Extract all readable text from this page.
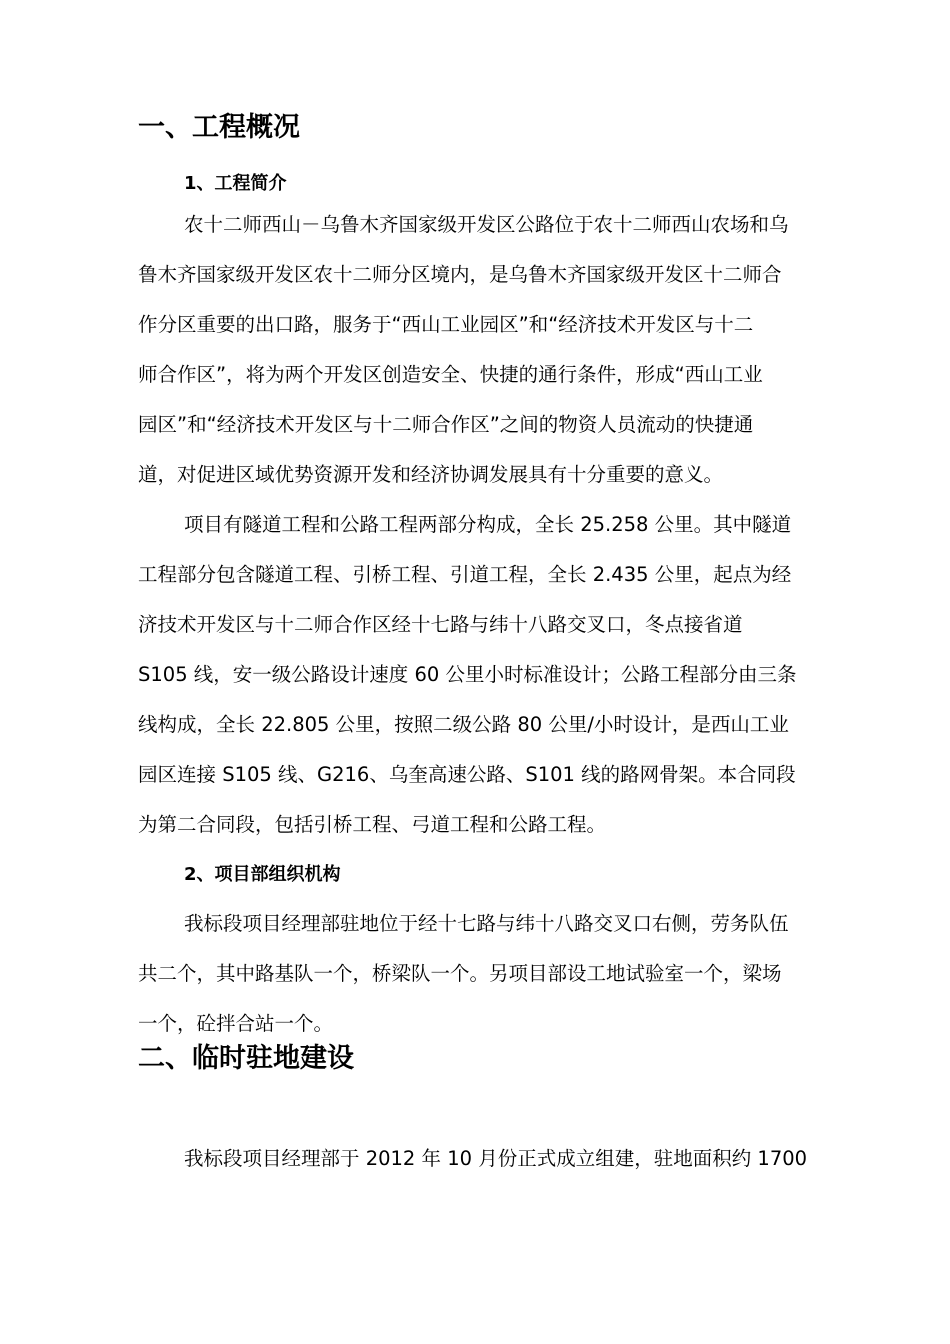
一、工程概况
1、工程简介

农十二师西山－乌鲁木齐国家级开发区公路位于农十二师西山农场和乌

鲁木齐国家级开发区农十二师分区境内，是乌鲁木齐国家级开发区十二师合

作分区重要的出口路，服务于“西山工业园区”和“经济技术开发区与十二

师合作区”，将为两个开发区创造安全、快捷的通行条件，形成“西山工业

园区”和“经济技术开发区与十二师合作区”之间的物资人员流动的快捷通

道，对促进区域优势资源开发和经济协调发展具有十分重要的意义。

项目有隧道工程和公路工程两部分构成，全长 25.258 公里。其中隧道

工程部分包含隧道工程、引桥工程、引道工程，全长 2.435 公里，起点为经

济技术开发区与十二师合作区经十七路与纬十八路交叉口，冬点接省道

S105 线，安一级公路设计速度 60 公里小时标准设计；公路工程部分由三条

线构成，全长 22.805 公里，按照二级公路 80 公里/小时设计，是西山工业

园区连接 S105 线、G216、乌奎高速公路、S101 线的路网骨架。本合同段

为第二合同段，包括引桥工程、弓道工程和公路工程。

2、项目部组织机构

我标段项目经理部驻地位于经十七路与纬十八路交叉口右侧，劳务队伍

共二个，其中路基队一个，桥梁队一个。另项目部设工地试验室一个，梁场

一个，砼拌合站一个。

二、临时驻地建设

我标段项目经理部于 2012 年 10 月份正式成立组建，驻地面积约 1700
